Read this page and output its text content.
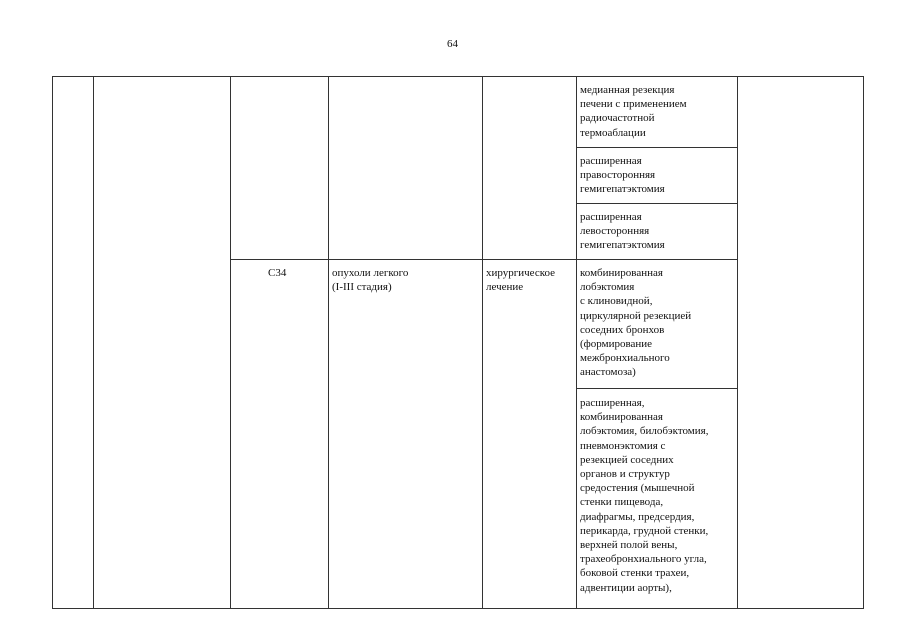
64
C34	опухоли легкого
(I-III стадия)
хирургическое
лечение
медианная резекция
печени с применением
радиочастотной
термоаблации
расширенная
правосторонняя
гемигепатэктомия
расширенная
левосторонняя
гемигепатэктомия
комбинированная
лобэктомия
с клиновидной,
циркулярной резекцией
соседних бронхов
(формирование
межбронхиального
анастомоза)
расширенная,
комбинированная
лобэктомия, билобэктомия,
пневмонэктомия с
резекцией соседних
органов и структур
средостения (мышечной
стенки пищевода,
диафрагмы, предсердия,
перикарда, грудной стенки,
верхней полой вены,
трахеобронхиального угла,
боковой стенки трахеи,
адвентиции аорты),
